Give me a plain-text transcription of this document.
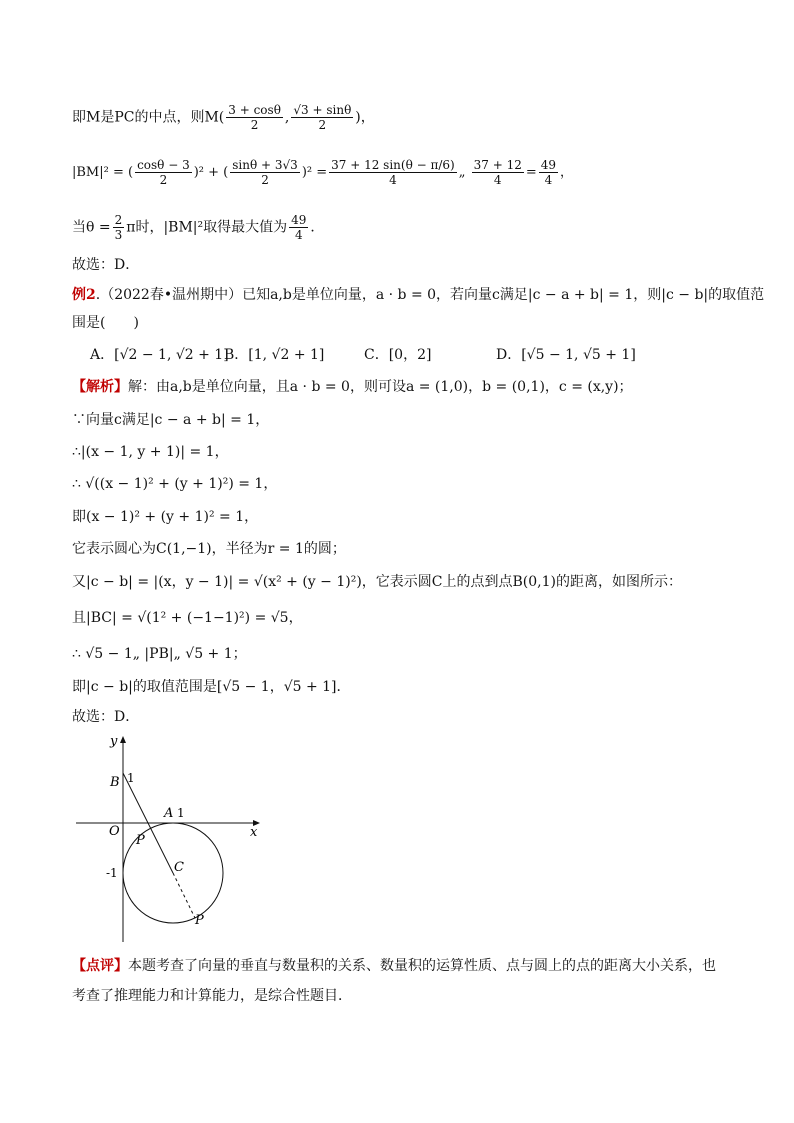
即M是PC的中点，则$M( \frac{3 + \cos\theta}{2}$ , $\frac{√3 + \sin\theta}{2}$ )，
|BM|² = ( $\frac{\cos\theta - 3}{2} )^2$ + ( $\frac{\sin\theta + 3√3}{2} )^2 = \frac{37 + 12 \sin(\theta - \pi/6)}{4}$ „ $\frac{37 + 12}{4} = \frac{49}{4}$ ，
当$\theta = \frac{2}{3}$ π时，|BM|²取得最大值为 $\frac{49}{4}$ ．
故选：D．
例2.（2022春•温州期中）已知a,b是单位向量，a · b = 0，若向量c满足|c − a + b| = 1，则|c − b|的取值范
围是(　　)
A．[√2 − 1, √2 + 1]
B．[1, √2 + 1]	C．[0，2]	D．[√5 − 1, √5 + 1]
【解析】解：由a,b是单位向量，且a · b = 0，则可设a = (1,0)，b = (0,1)，c = (x,y)；
∵向量c满足|c − a + b| = 1，
∴|(x − 1, y + 1)| = 1，
∴ √((x − 1)² + (y + 1)²) = 1，
即(x − 1)² + (y + 1)² = 1，
它表示圆心为C(1,−1)，半径为r = 1的圆；
又|c − b| = |(x，y − 1)| = √(x² + (y − 1)²)，它表示圆C上的点到点B(0,1)的距离，如图所示：
且|BC| = √(1² + (−1−1)²) = √5，
∴ √5 − 1„ |PB|„ √5 + 1；
即|c − b|的取值范围是[√5 − 1，√5 + 1]．
故选：D．
y
x
B 1
A 1
O
P
C
-1
P
【点评】本题考查了向量的垂直与数量积的关系、数量积的运算性质、点与圆上的点的距离大小关系，也
考查了推理能力和计算能力，是综合性题目．
